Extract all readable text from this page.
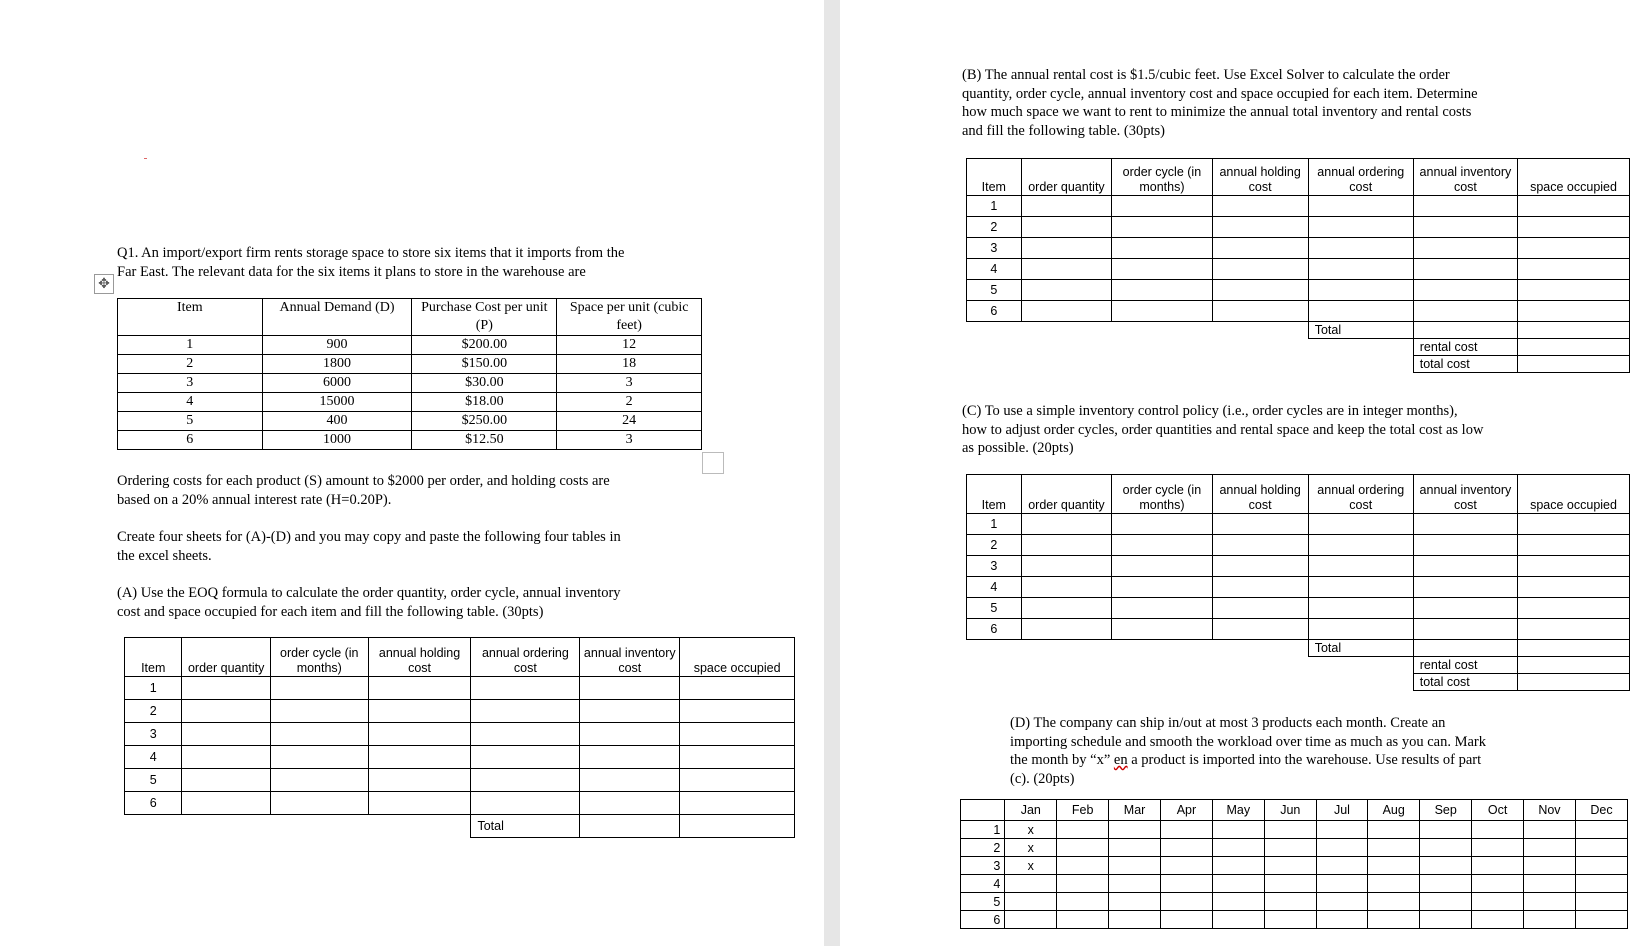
Q1. An import/export firm rents storage space to store six items that it imports from the
Far East. The relevant data for the six items it plans to store in the warehouse are
✥
Item	Annual Demand (D)	Purchase Cost per unit (P)	Space per unit (cubic feet)
1	900	$200.00	12
2	1800	$150.00	18
3	6000	$30.00	3
4	15000	$18.00	2
5	400	$250.00	24
6	1000	$12.50	3
Ordering costs for each product (S) amount to $2000 per order, and holding costs are
based on a 20% annual interest rate (H=0.20P).
Create four sheets for (A)-(D) and you may copy and paste the following four tables in
the excel sheets.
(A) Use the EOQ formula to calculate the order quantity, order cycle, annual inventory
cost and space occupied for each item and fill the following table. (30pts)
Item	order quantity	order cycle (in months)	annual holding cost	annual ordering cost	annual inventory cost	space occupied
1						
2						
3						
4						
5						
6						
				Total		
(B) The annual rental cost is $1.5/cubic feet. Use Excel Solver to calculate the order
quantity, order cycle, annual inventory cost and space occupied for each item. Determine
how much space we want to rent to minimize the annual total inventory and rental costs
and fill the following table. (30pts)
(C) To use a simple inventory control policy (i.e., order cycles are in integer months),
how to adjust order cycles, order quantities and rental space and keep the total cost as low
as possible. (20pts)
(D) The company can ship in/out at most 3 products each month. Create an
importing schedule and smooth the workload over time as much as you can. Mark
the month by “x” en a product is imported into the warehouse. Use results of part
(c). (20pts)
Item	order quantity	order cycle (in months)	annual holding cost	annual ordering cost	annual inventory cost	space occupied
1						
2						
3						
4						
5						
6						
				Total		
					rental cost	
					total cost	
Item	order quantity	order cycle (in months)	annual holding cost	annual ordering cost	annual inventory cost	space occupied
1						
2						
3						
4						
5						
6						
				Total		
					rental cost	
					total cost	
	Jan	Feb	Mar	Apr	May	Jun	Jul	Aug	Sep	Oct	Nov	Dec
1	x											
2	x											
3	x											
4												
5												
6												
